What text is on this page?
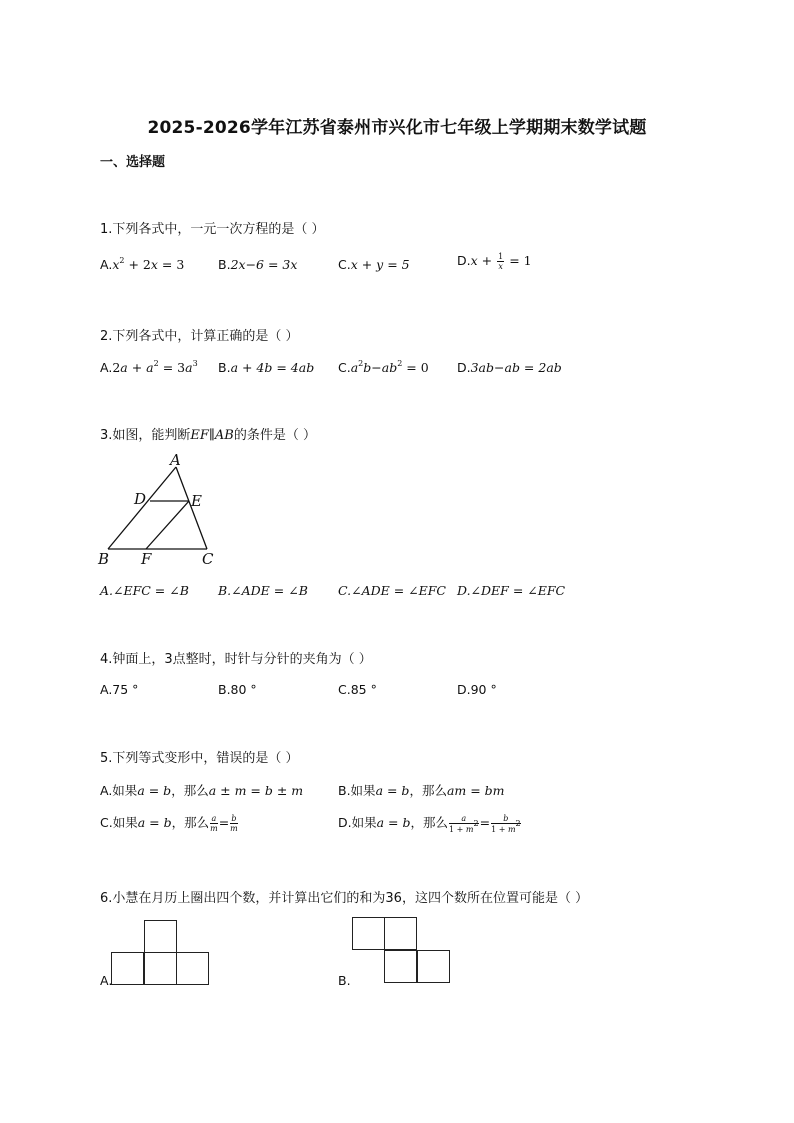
2025-2026学年江苏省泰州市兴化市七年级上学期期末数学试题
一、选择题
1.下列各式中，一元一次方程的是（ ）
$A.x^2 + 2x = 3$	B.2x−6 = 3x	C.x + y = 5	$D.x + \frac{1}{x} = 1$
2.下列各式中，计算正确的是（ ）
$A.2a + a^2 = 3a^3$ B.a + 4b = 4ab $C.a^2b-ab^2 = 0$ D.3ab−ab = 2ab
3.如图，能判断EF∥AB的条件是（ ）
A
D	E
B F	C
A.∠EFC = ∠B B.∠ADE = ∠B C.∠ADE = ∠EFC D.∠DEF = ∠EFC
4.钟面上，3点整时，时针与分针的夹角为（ ）
A.75 °	B.80 °	C.85 °	D.90 °
5.下列等式变形中，错误的是（ ）
A.如果a = b，那么a ± m = b ± m	B.如果a = b，那么am = bm
C.如果a = b，那么 $\frac{a}{m} = \frac{b}{m}$	D.如果a = b，那么 $\frac{a}{1 + m^2} = \frac{b}{1 + m^2}$
6.小慧在月历上圈出四个数，并计算出它们的和为36，这四个数所在位置可能是（ ）
A.	B.
